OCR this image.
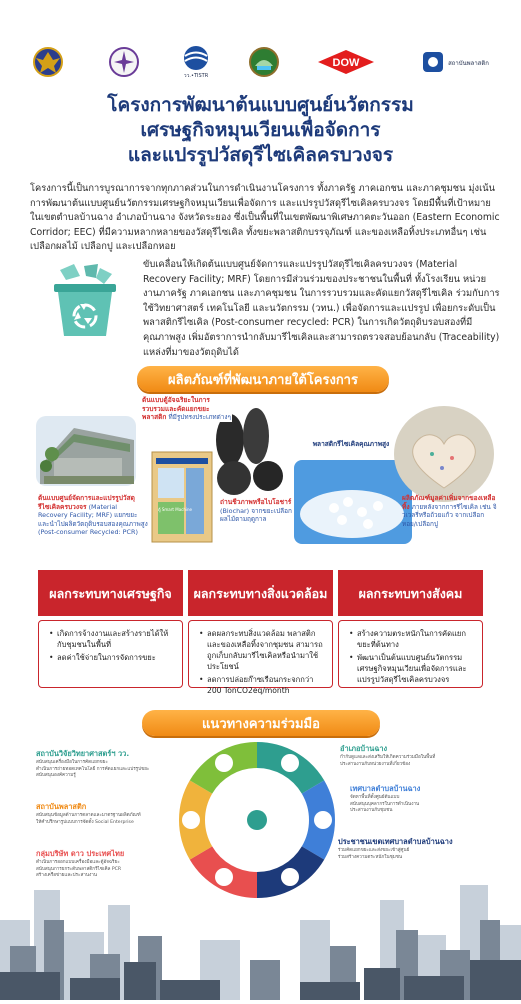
วว.•TISTR
DOW	สถาบันพลาสติก
โครงการพัฒนาต้นแบบศูนย์นวัตกรรม
เศรษฐกิจหมุนเวียนเพื่อจัดการ
และแปรรูปวัสดุรีไซเคิลครบวงจร
โครงการนี้เป็นการบูรณาการจากทุกภาคส่วนในการดำเนินงานโครงการ ทั้งภาครัฐ ภาคเอกชน และภาคชุมชน มุ่งเน้นการพัฒนาต้นแบบศูนย์นวัตกรรมเศรษฐกิจหมุนเวียนเพื่อจัดการ และแปรรูปวัสดุรีไซเคิลครบวงจร โดยมีพื้นที่เป้าหมายในเขตตำบลบ้านฉาง อำเภอบ้านฉาง จังหวัดระยอง ซึ่งเป็นพื้นที่ในเขตพัฒนาพิเศษภาคตะวันออก (Eastern Economic Corridor; EEC) ที่มีความหลากหลายของวัสดุรีไซเคิล ทั้งขยะพลาสติกบรรจุภัณฑ์ และของเหลือทิ้งประเภทอื่นๆ เช่น เปลือกผลไม้ เปลือกปู และเปลือกหอย
ขับเคลื่อนให้เกิดต้นแบบศูนย์จัดการและแปรรูปวัสดุรีไซเคิลครบวงจร (Material Recovery Facility; MRF) โดยการมีส่วนร่วมของประชาชนในพื้นที่ ทั้งโรงเรียน หน่วยงานภาครัฐ ภาคเอกชน และภาคชุมชน ในการรวบรวมและคัดแยกวัสดุรีไซเคิล ร่วมกับการใช้วิทยาศาสตร์ เทคโนโลยี และนวัตกรรม (วทน.) เพื่อจัดการและแปรรูป เพื่อยกระดับเป็นพลาสติกรีไซเคิล (Post-consumer recycled: PCR) ในการเกิดวัตถุดิบรอบสองที่มีคุณภาพสูง เพิ่มอัตราการนำกลับมารีไซเคิลและสามารถตรวจสอบย้อนกลับ (Traceability) แหล่งที่มาของวัตถุดิบได้
ผลิตภัณฑ์ที่พัฒนาภายใต้โครงการ
ต้นแบบศูนย์จัดการและแปรรูปวัสดุรีไซเคิลครบวงจร (Material Recovery Facility; MRF) แยกขยะและนำไปผลิตวัตถุดิบรอบสองคุณภาพสูง (Post-consumer Recycled: PCR)
ต้นแบบตู้อัจฉริยะในการรวบรวมและคัดแยกขยะพลาสติก ที่มีรูปทรงประเภทต่างๆ
ตู้ Smart Machine
ถ่านชีวภาพหรือไบโอชาร์ (Biochar) จากขยะเปลือกผลไม้ตามฤดูกาล
พลาสติกรีไซเคิลคุณภาพสูง
ผลิตภัณฑ์มูลค่าเพิ่มจากของเหลือทิ้ง ภายหลังจากการรีไซเคิล เช่น จิวเวลรี่หรือถ้วยแก้ว จากเปลือกหอย/เปลือกปู
ผลกระทบทางเศรษฐกิจ	ผลกระทบทางสิ่งแวดล้อม	ผลกระทบทางสังคม
• เกิดการจ้างงานและสร้างรายได้ให้กับชุมชนในพื้นที่
• ลดค่าใช้จ่ายในการจัดการขยะ
• ลดผลกระทบสิ่งแวดล้อม พลาสติกและของเหลือทิ้งจากชุมชน สามารถถูกเก็บกลับมารีไซเคิลหรือนำมาใช้ประโยชน์
• ลดการปล่อยก๊าซเรือนกระจกกว่า 200 TonCO2eq/month
• สร้างความตระหนักในการคัดแยกขยะที่ต้นทาง
• พัฒนาเป็นต้นแบบศูนย์นวัตกรรมเศรษฐกิจหมุนเวียนเพื่อจัดการและแปรรูปวัสดุรีไซเคิลครบวงจร
แนวทางความร่วมมือ
สถาบันวิจัยวิทยาศาสตร์ฯ วว.
สนับสนุนเครื่องมือในการคัดแยกขยะ
ดำเนินการถ่ายทอดเทคโนโลยี การคัดแยกและแปรรูปขยะ
สนับสนุนองค์ความรู้
สถาบันพลาสติก
สนับสนุนข้อมูลด้านการตลาดและมาตรฐานผลิตภัณฑ์
ให้คำปรึกษารูปแบบการจัดตั้ง Social Enterprise
กลุ่มบริษัท ดาว ประเทศไทย
ดำเนินการออกแบบเครื่องมือและตู้อัจฉริยะ
สนับสนุนการยกระดับพลาสติกรีไซเคิล PCR
สร้างเครือข่ายและประสานงาน
อำเภอบ้านฉาง
กำกับดูแลและส่งเสริมให้เกิดความร่วมมือในพื้นที่
ประสานงานกับหน่วยงานที่เกี่ยวข้อง
เทศบาลตำบลบ้านฉาง
จัดหาพื้นที่ตั้งศูนย์ต้นแบบ
สนับสนุนบุคลากรในการดำเนินงาน
ประสานงานกับชุมชน
ประชาชนเขตเทศบาลตำบลบ้านฉาง
ร่วมคัดแยกขยะและส่งขยะเข้าสู่ศูนย์
ร่วมสร้างความตระหนักในชุมชน
